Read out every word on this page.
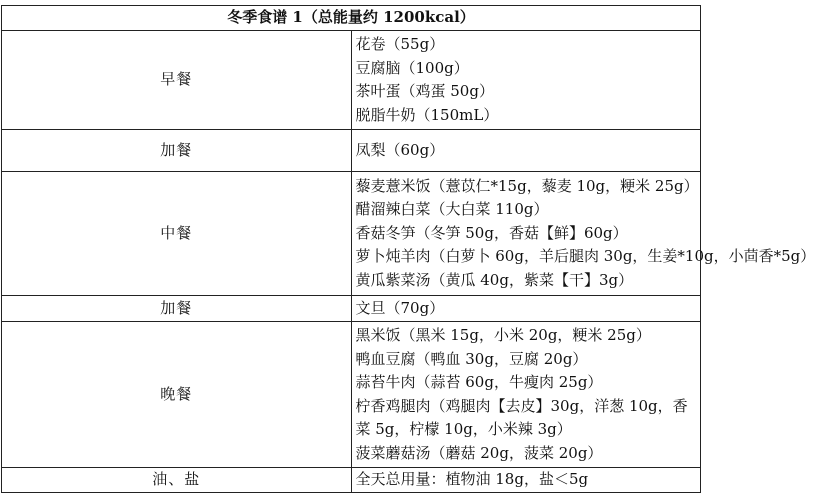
冬季食谱 1（总能量约 1200kcal）	
早餐	花卷（55g）
豆腐脑（100g）
茶叶蛋（鸡蛋 50g）
脱脂牛奶（150mL）

加餐	凤梨（60g）

中餐	藜麦薏米饭（薏苡仁*15g，藜麦 10g，粳米 25g）
醋溜辣白菜（大白菜 110g）
香菇冬笋（冬笋 50g，香菇【鲜】60g）
萝卜炖羊肉（白萝卜 60g，羊后腿肉 30g，生姜*10g，小茴香*5g）
黄瓜紫菜汤（黄瓜 40g，紫菜【干】3g）

加餐	文旦（70g）

晚餐	黑米饭（黑米 15g，小米 20g，粳米 25g）
鸭血豆腐（鸭血 30g，豆腐 20g）
蒜苔牛肉（蒜苔 60g，牛瘦肉 25g）
柠香鸡腿肉（鸡腿肉【去皮】30g，洋葱 10g，香菜 5g，柠檬 10g，小米辣 3g）
菠菜蘑菇汤（蘑菇 20g，菠菜 20g）

油、盐	全天总用量：植物油 18g，盐＜5g
